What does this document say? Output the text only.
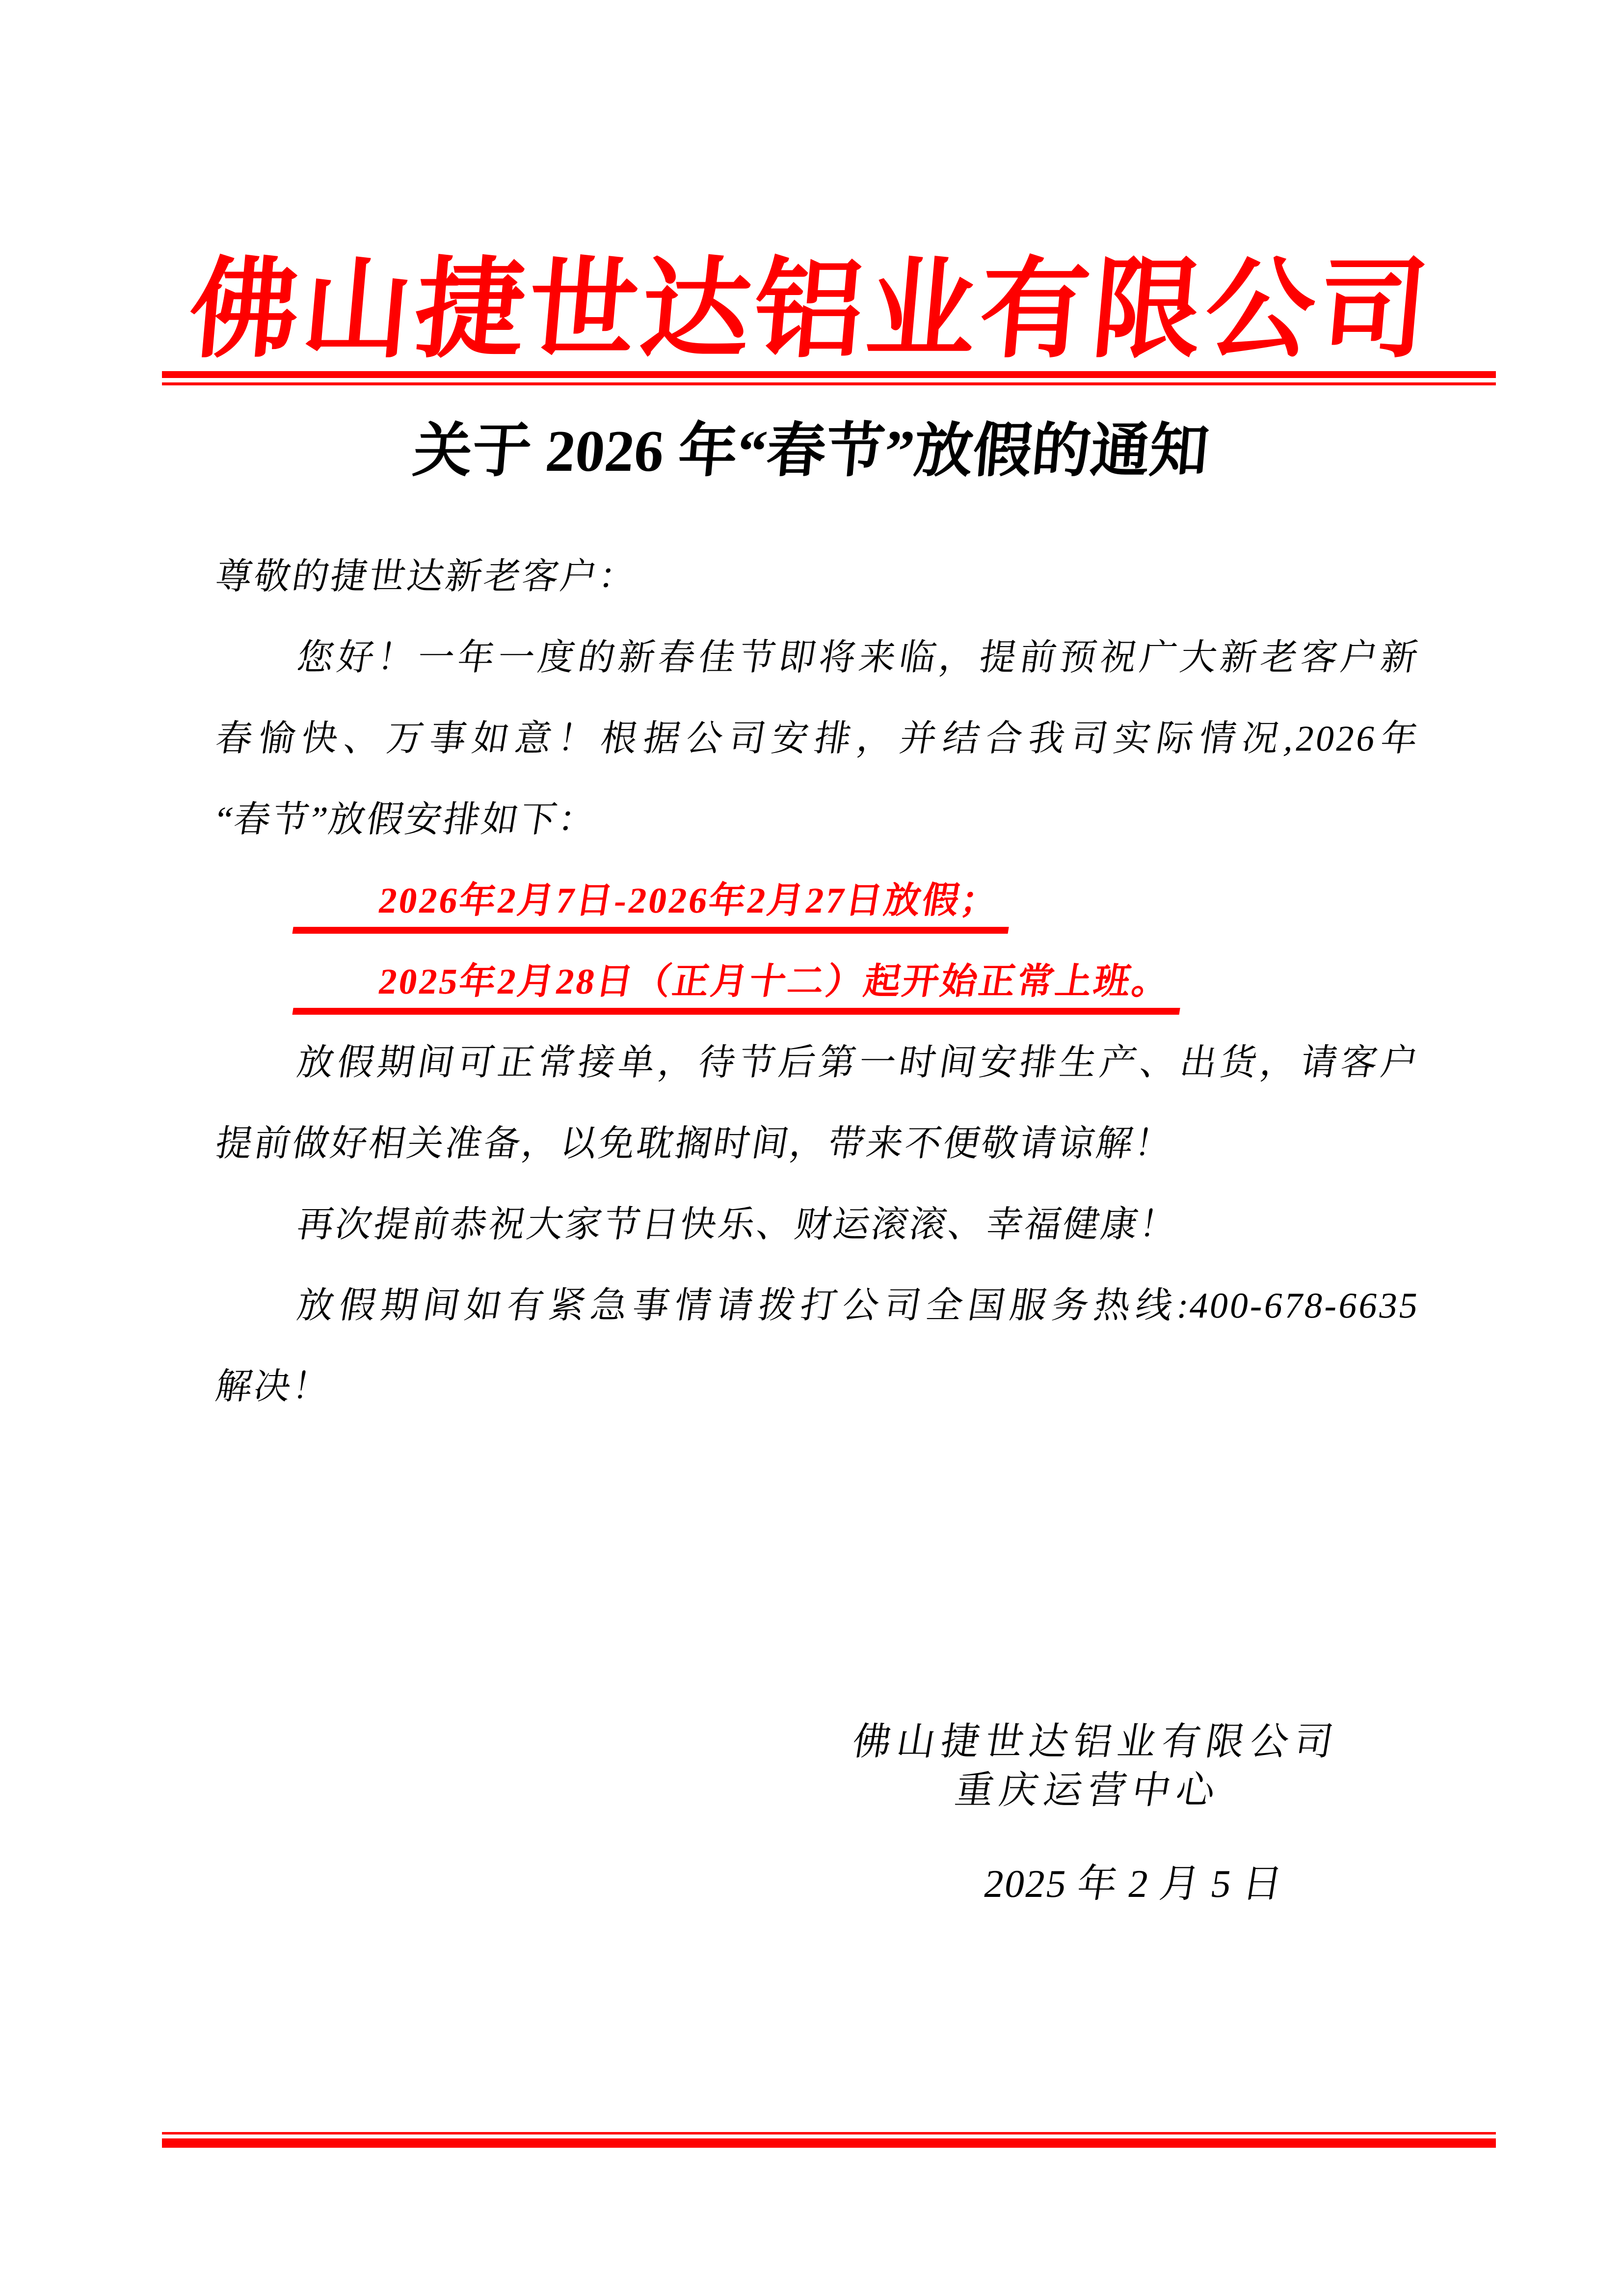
佛山捷世达铝业有限公司
关于 2026 年“春节”放假的通知
尊敬的捷世达新老客户：
您好！一年一度的新春佳节即将来临，提前预祝广大新老客户新
春愉快、万事如意！根据公司安排，并结合我司实际情况,2026年
“春节”放假安排如下：
2026年2月7日-2026年2月27日放假；
2025年2月28日（正月十二）起开始正常上班。
放假期间可正常接单，待节后第一时间安排生产、出货，请客户
提前做好相关准备，以免耽搁时间，带来不便敬请谅解！
再次提前恭祝大家节日快乐、财运滚滚、幸福健康！
放假期间如有紧急事情请拨打公司全国服务热线:400-678-6635
解决！
佛山捷世达铝业有限公司
重庆运营中心
2025 年 2 月 5 日
